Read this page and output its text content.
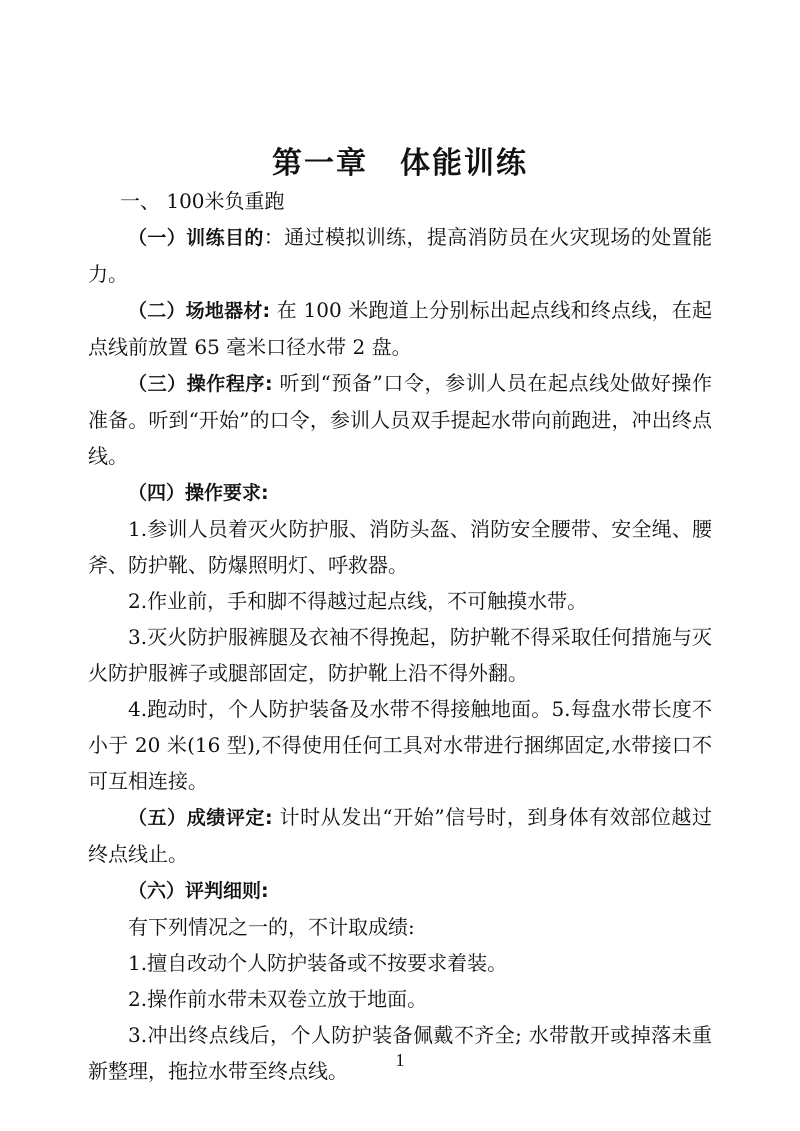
第一章　体能训练

一、 100米负重跑

（一）训练目的：通过模拟训练，提高消防员在火灾现场的处置能力。

（二）场地器材: 在 100 米跑道上分别标出起点线和终点线，在起点线前放置 65 毫米口径水带 2 盘。

（三）操作程序: 听到“预备”口令，参训人员在起点线处做好操作准备。听到“开始”的口令，参训人员双手提起水带向前跑进，冲出终点线。

（四）操作要求:

1.参训人员着灭火防护服、消防头盔、消防安全腰带、安全绳、腰斧、防护靴、防爆照明灯、呼救器。

2.作业前，手和脚不得越过起点线，不可触摸水带。

3.灭火防护服裤腿及衣袖不得挽起，防护靴不得采取任何措施与灭火防护服裤子或腿部固定，防护靴上沿不得外翻。

4.跑动时，个人防护装备及水带不得接触地面。5.每盘水带长度不小于 20 米(16 型),不得使用任何工具对水带进行捆绑固定,水带接口不可互相连接。

（五）成绩评定: 计时从发出“开始”信号时，到身体有效部位越过终点线止。

（六）评判细则:

有下列情况之一的，不计取成绩:

1.擅自改动个人防护装备或不按要求着装。

2.操作前水带未双卷立放于地面。

3.冲出终点线后，个人防护装备佩戴不齐全; 水带散开或掉落未重新整理，拖拉水带至终点线。	1
